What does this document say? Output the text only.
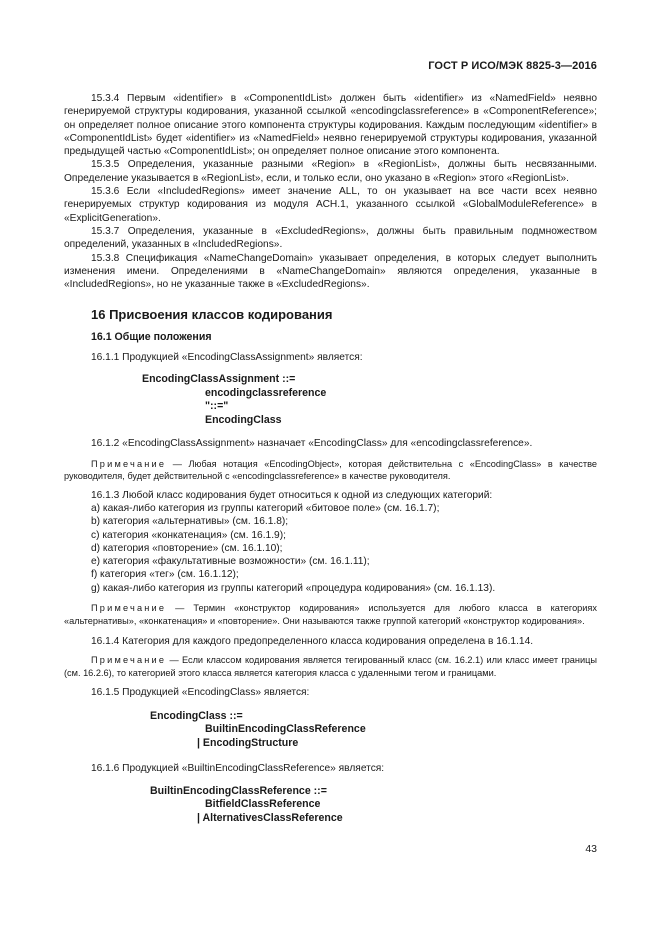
ГОСТ Р ИСО/МЭК 8825-3—2016

15.3.4 Первым «identifier» в «ComponentIdList» должен быть «identifier» из «NamedField» неявно генерируемой структуры кодирования, указанной ссылкой «encodingclassreference» в «ComponentReference»; он определяет полное описание этого компонента структуры кодирования. Каждым последующим «identifier» в «ComponentIdList» будет «identifier» из «NamedField» неявно генерируемой структуры кодирования, указанной предыдущей частью «ComponentIdList»; он определяет полное описание этого компонента.

15.3.5 Определения, указанные разными «Region» в «RegionList», должны быть несвязанными. Определение указывается в «RegionList», если, и только если, оно указано в «Region» этого «RegionList».

15.3.6 Если «IncludedRegions» имеет значение ALL, то он указывает на все части всех неявно генерируемых структур кодирования из модуля АСН.1, указанного ссылкой «GlobalModuleReference» в «ExplicitGeneration».

15.3.7 Определения, указанные в «ExcludedRegions», должны быть правильным подмножеством определений, указанных в «IncludedRegions».

15.3.8 Спецификация «NameChangeDomain» указывает определения, в которых следует выполнить изменения имени. Определениями в «NameChangeDomain» являются определения, указанные в «IncludedRegions», но не указанные также в «ExcludedRegions».

16 Присвоения классов кодирования
16.1 Общие положения

16.1.1 Продукцией «EncodingClassAssignment» является:

EncodingClassAssignment ::=
encodingclassreference
"::="
EncodingClass

16.1.2 «EncodingClassAssignment» назначает «EncodingClass» для «encodingclassreference».

Примечание — Любая нотация «EncodingObject», которая действительна с «EncodingClass» в качестве руководителя, будет действительной с «encodingclassreference» в качестве руководителя.

16.1.3 Любой класс кодирования будет относиться к одной из следующих категорий:

a) какая-либо категория из группы категорий «битовое поле» (см. 16.1.7);
b) категория «альтернативы» (см. 16.1.8);
c) категория «конкатенация» (см. 16.1.9);
d) категория «повторение» (см. 16.1.10);
e) категория «факультативные возможности» (см. 16.1.11);
f) категория «тег» (см. 16.1.12);
g) какая-либо категория из группы категорий «процедура кодирования» (см. 16.1.13).

Примечание — Термин «конструктор кодирования» используется для любого класса в категориях «альтернативы», «конкатенация» и «повторение». Они называются также группой категорий «конструктор кодирования».

16.1.4 Категория для каждого предопределенного класса кодирования определена в 16.1.14.

Примечание — Если классом кодирования является тегированный класс (см. 16.2.1) или класс имеет границы (см. 16.2.6), то категорией этого класса является категория класса с удаленными тегом и границами.

16.1.5 Продукцией «EncodingClass» является:

EncodingClass ::=
BuiltinEncodingClassReference
| EncodingStructure

16.1.6 Продукцией «BuiltinEncodingClassReference» является:

BuiltinEncodingClassReference ::=
BitfieldClassReference
| AlternativesClassReference
43
